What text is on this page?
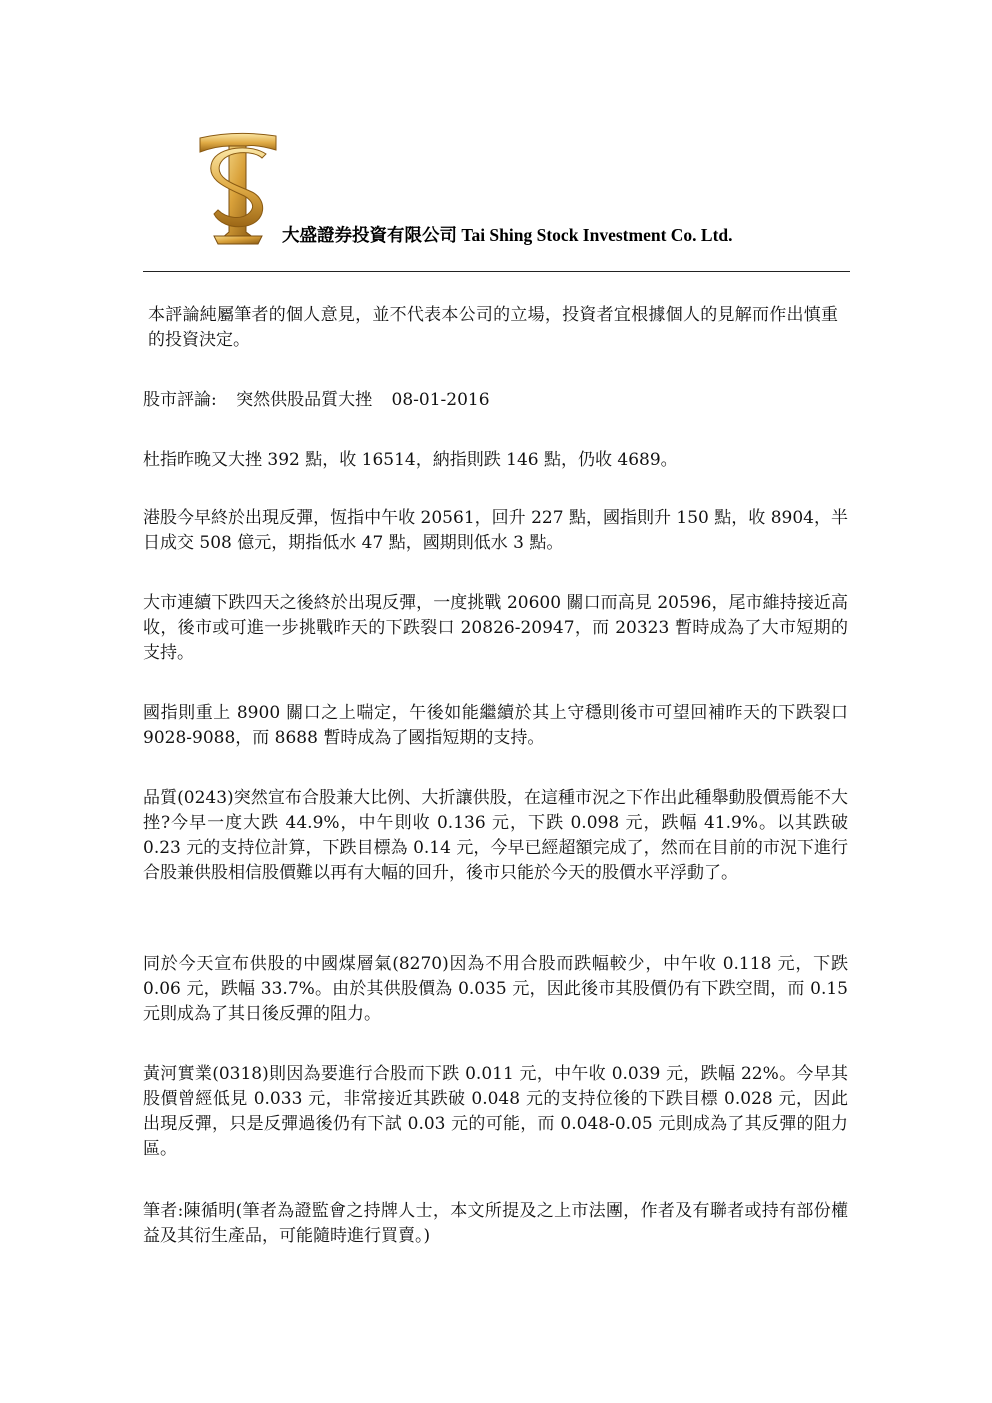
大盛證券投資有限公司 Tai Shing Stock Investment Co. Ltd.
本評論純屬筆者的個人意見，並不代表本公司的立場，投資者宜根據個人的見解而作出慎重的投資決定。
股市評論: 突然供股品質大挫 08-01-2016
杜指昨晚又大挫 392 點，收 16514，納指則跌 146 點，仍收 4689。
港股今早終於出現反彈，恆指中午收 20561，回升 227 點，國指則升 150 點，收 8904，半日成交 508 億元，期指低水 47 點，國期則低水 3 點。
大市連續下跌四天之後終於出現反彈，一度挑戰 20600 關口而高見 20596，尾市維持接近高收，後市或可進一步挑戰昨天的下跌裂口 20826-20947，而 20323 暫時成為了大市短期的支持。
國指則重上 8900 關口之上喘定，午後如能繼續於其上守穩則後市可望回補昨天的下跌裂口 9028-9088，而 8688 暫時成為了國指短期的支持。
品質(0243)突然宣布合股兼大比例、大折讓供股，在這種市況之下作出此種舉動股價焉能不大挫?今早一度大跌 44.9%，中午則收 0.136 元，下跌 0.098 元，跌幅 41.9%。以其跌破 0.23 元的支持位計算，下跌目標為 0.14 元，今早已經超額完成了，然而在目前的市況下進行合股兼供股相信股價難以再有大幅的回升，後市只能於今天的股價水平浮動了。
同於今天宣布供股的中國煤層氣(8270)因為不用合股而跌幅較少，中午收 0.118 元，下跌 0.06 元，跌幅 33.7%。由於其供股價為 0.035 元，因此後市其股價仍有下跌空間，而 0.15 元則成為了其日後反彈的阻力。
黃河實業(0318)則因為要進行合股而下跌 0.011 元，中午收 0.039 元，跌幅 22%。今早其股價曾經低見 0.033 元，非常接近其跌破 0.048 元的支持位後的下跌目標 0.028 元，因此出現反彈，只是反彈過後仍有下試 0.03 元的可能，而 0.048-0.05 元則成為了其反彈的阻力區。
筆者:陳循明(筆者為證監會之持牌人士，本文所提及之上市法團，作者及有聯者或持有部份權益及其衍生產品，可能隨時進行買賣。)
